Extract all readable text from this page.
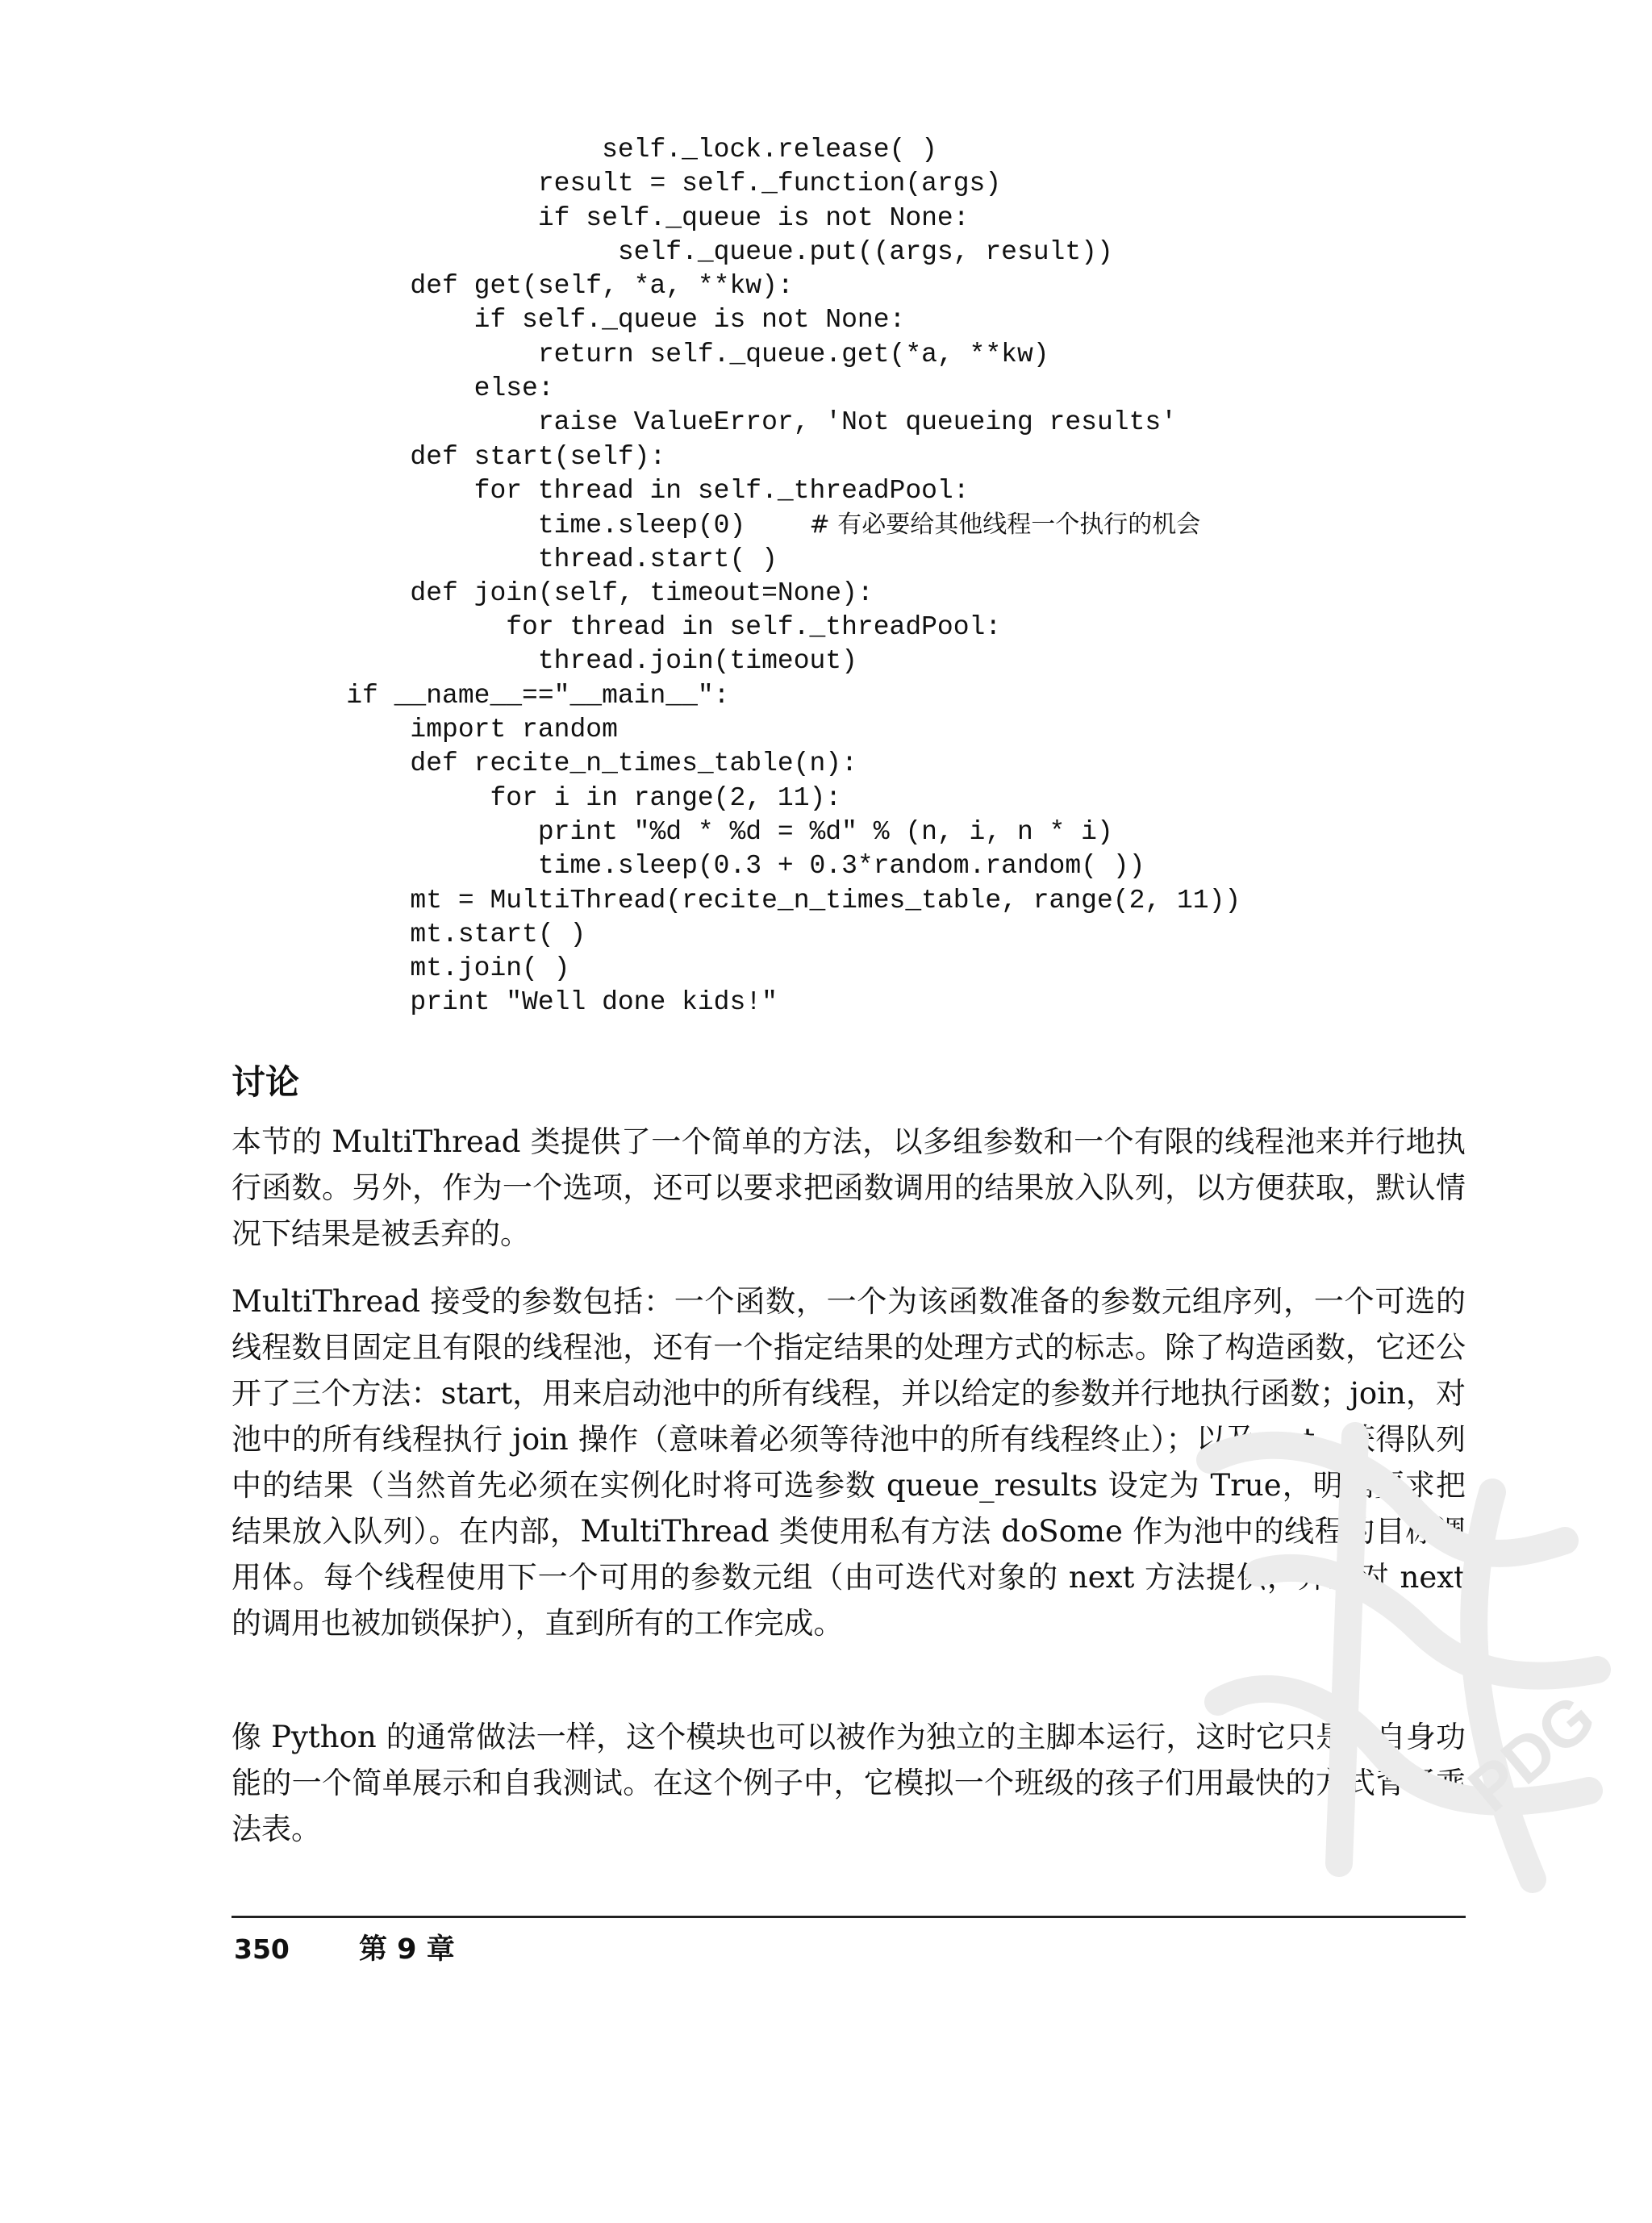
self._lock.release( )
result = self._function(args)
if self._queue is not None:
self._queue.put((args, result))
def get(self, *a, **kw):
if self._queue is not None:
return self._queue.get(*a, **kw)
else:
raise ValueError, 'Not queueing results'
def start(self):
for thread in self._threadPool:
time.sleep(0)    # 有必要给其他线程一个执行的机会
thread.start( )
def join(self, timeout=None):
for thread in self._threadPool:
thread.join(timeout)
if __name__=="__main__":
import random
def recite_n_times_table(n):
for i in range(2, 11):
print "%d * %d = %d" % (n, i, n * i)
time.sleep(0.3 + 0.3*random.random( ))
mt = MultiThread(recite_n_times_table, range(2, 11))
mt.start( )
mt.join( )
print "Well done kids!"
讨论

本节的 MultiThread 类提供了一个简单的方法，以多组参数和一个有限的线程池来并行地执行函数。另外，作为一个选项，还可以要求把函数调用的结果放入队列，以方便获取，默认情况下结果是被丢弃的。

MultiThread 接受的参数包括：一个函数，一个为该函数准备的参数元组序列，一个可选的线程数目固定且有限的线程池，还有一个指定结果的处理方式的标志。除了构造函数，它还公开了三个方法：start，用来启动池中的所有线程，并以给定的参数并行地执行函数；join，对池中的所有线程执行 join 操作（意味着必须等待池中的所有线程终止）；以及 get，获得队列中的结果（当然首先必须在实例化时将可选参数 queue_results 设定为 True，明确要求把结果放入队列）。在内部，MultiThread 类使用私有方法 doSome 作为池中的线程的目标调用体。每个线程使用下一个可用的参数元组（由可迭代对象的 next 方法提供，并且对 next 的调用也被加锁保护），直到所有的工作完成。

像 Python 的通常做法一样，这个模块也可以被作为独立的主脚本运行，这时它只是对自身功能的一个简单展示和自我测试。在这个例子中，它模拟一个班级的孩子们用最快的方式背诵乘法表。

350 第 9 章
PDG
